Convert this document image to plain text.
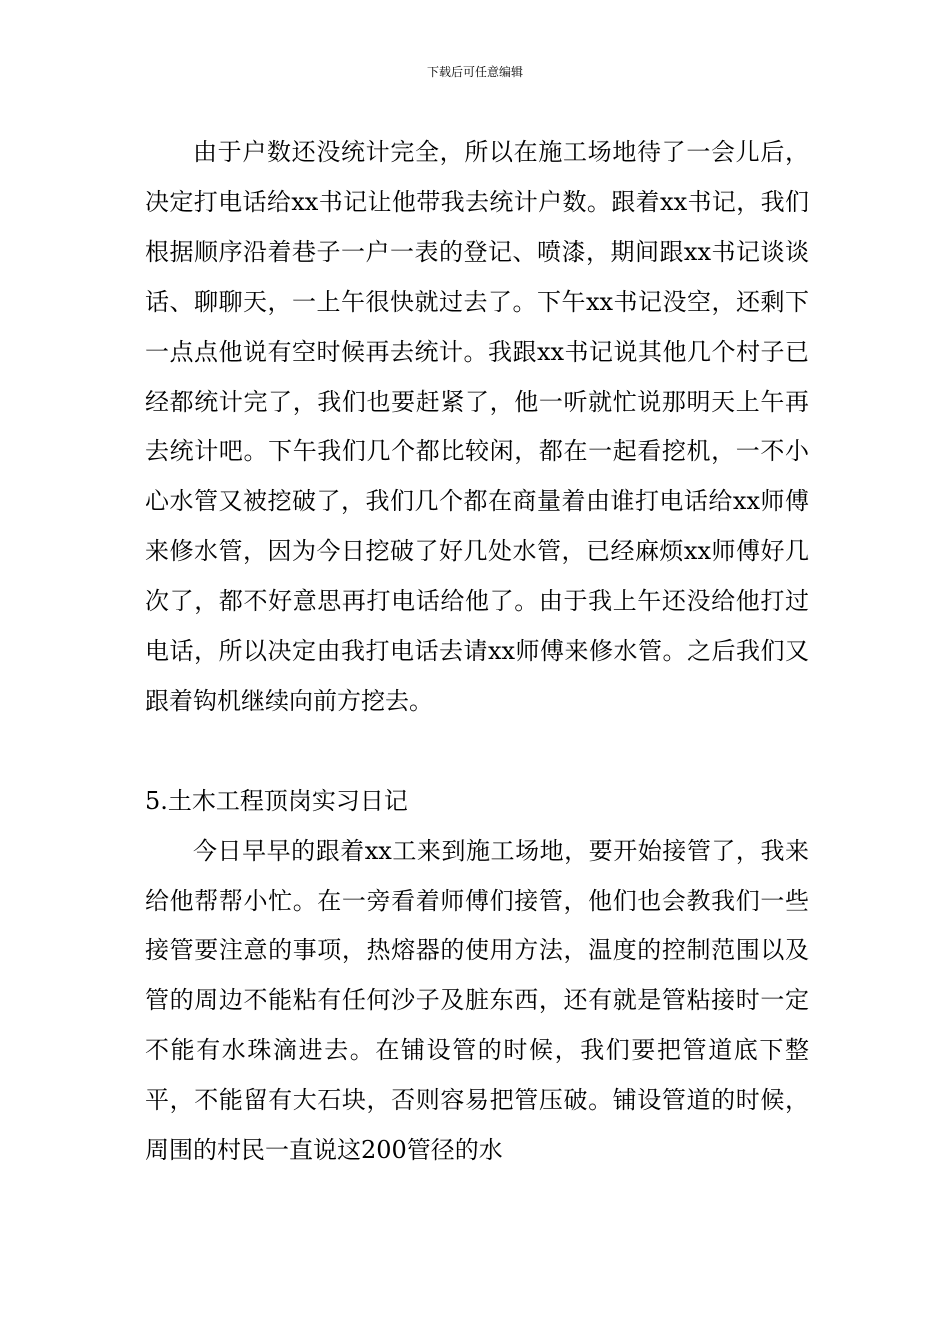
下载后可任意编辑

由于户数还没统计完全，所以在施工场地待了一会儿后，决定打电话给xx书记让他带我去统计户数。跟着xx书记，我们根据顺序沿着巷子一户一表的登记、喷漆，期间跟xx书记谈谈话、聊聊天，一上午很快就过去了。下午xx书记没空，还剩下一点点他说有空时候再去统计。我跟xx书记说其他几个村子已经都统计完了，我们也要赶紧了，他一听就忙说那明天上午再去统计吧。下午我们几个都比较闲，都在一起看挖机，一不小心水管又被挖破了，我们几个都在商量着由谁打电话给xx师傅来修水管，因为今日挖破了好几处水管，已经麻烦xx师傅好几次了，都不好意思再打电话给他了。由于我上午还没给他打过电话，所以决定由我打电话去请xx师傅来修水管。之后我们又跟着钩机继续向前方挖去。

5.土木工程顶岗实习日记

今日早早的跟着xx工来到施工场地，要开始接管了，我来给他帮帮小忙。在一旁看着师傅们接管，他们也会教我们一些接管要注意的事项，热熔器的使用方法，温度的控制范围以及管的周边不能粘有任何沙子及脏东西，还有就是管粘接时一定不能有水珠滴进去。在铺设管的时候，我们要把管道底下整平，不能留有大石块，否则容易把管压破。铺设管道的时候，周围的村民一直说这200管径的水
